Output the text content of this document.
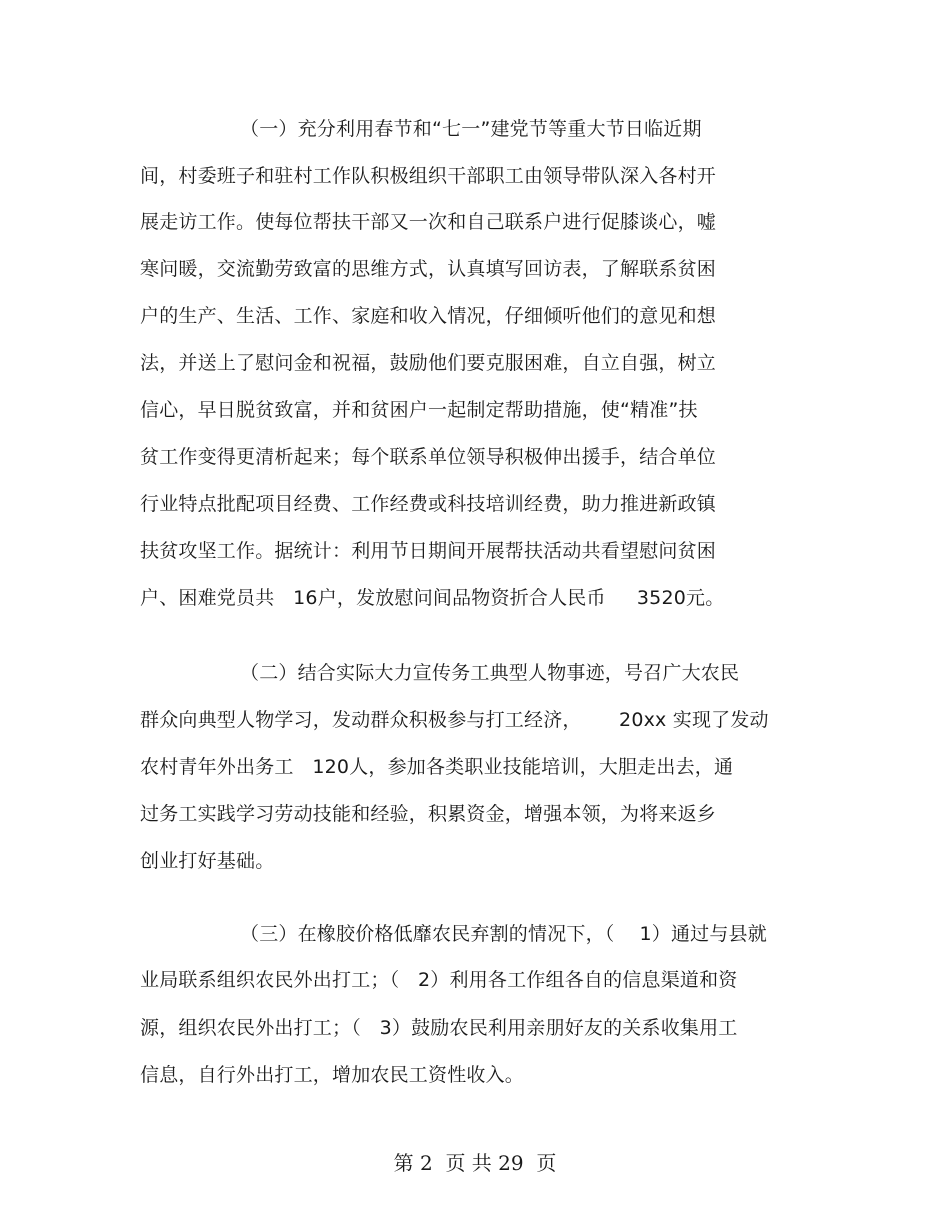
（一）充分利用春节和“七一”建党节等重大节日临近期
间，村委班子和驻村工作队积极组织干部职工由领导带队深入各村开
展走访工作。使每位帮扶干部又一次和自己联系户进行促膝谈心，嘘
寒问暖，交流勤劳致富的思维方式，认真填写回访表，了解联系贫困
户的生产、生活、工作、家庭和收入情况，仔细倾听他们的意见和想
法，并送上了慰问金和祝福，鼓励他们要克服困难，自立自强，树立
信心，早日脱贫致富，并和贫困户一起制定帮助措施，使“精准”扶
贫工作变得更清析起来；每个联系单位领导积极伸出援手，结合单位
行业特点批配项目经费、工作经费或科技培训经费，助力推进新政镇
扶贫攻坚工作。据统计：利用节日期间开展帮扶活动共看望慰问贫困
户、困难党员共   16户，发放慰问间品物资折合人民币     3520元。
（二）结合实际大力宣传务工典型人物事迹，号召广大农民
群众向典型人物学习，发动群众积极参与打工经济，      20xx 实现了发动
农村青年外出务工   120人，参加各类职业技能培训，大胆走出去，通
过务工实践学习劳动技能和经验，积累资金，增强本领，为将来返乡
创业打好基础。
（三）在橡胶价格低靡农民弃割的情况下，（    1）通过与县就
业局联系组织农民外出打工；（   2）利用各工作组各自的信息渠道和资
源，组织农民外出打工；（   3）鼓励农民利用亲朋好友的关系收集用工
信息，自行外出打工，增加农民工资性收入。
第 2  页 共 29  页
